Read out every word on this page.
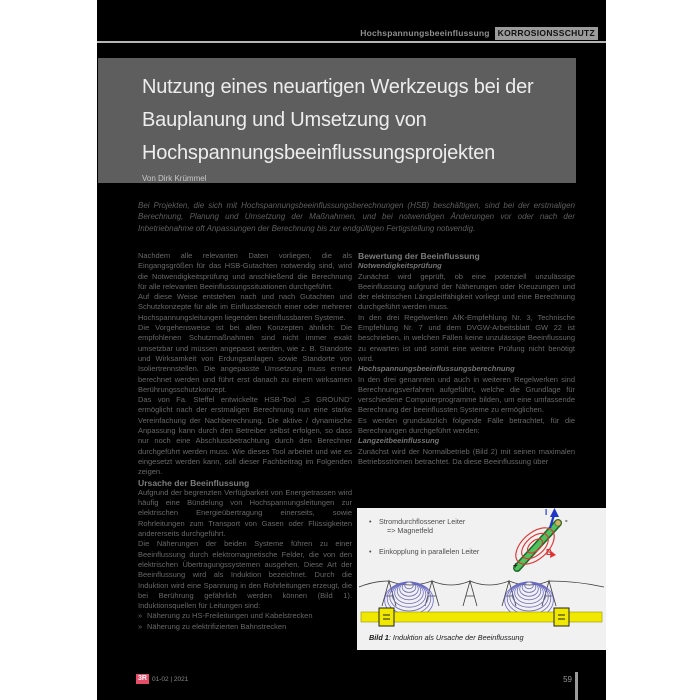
Hochspannungsbeeinflussung KORROSIONSSCHUTZ
Nutzung eines neuartigen Werkzeugs bei der Bauplanung und Umsetzung von Hochspannungsbeeinflussungsprojekten
Von Dirk Krümmel
Bei Projekten, die sich mit Hochspannungsbeeinflussungsberechnungen (HSB) beschäftigen, sind bei der erstmaligen Berechnung, Planung und Umsetzung der Maßnahmen, und bei notwendigen Änderungen vor oder nach der Inbetriebnahme oft Anpassungen der Berechnung bis zur endgültigen Fertigstellung notwendig.

Nachdem alle relevanten Daten vorliegen, die als Eingangsgrößen für das HSB-Gutachten notwendig sind, wird die Notwendigkeitsprüfung und anschließend die Berechnung für alle relevanten Beeinflussungssituationen durchgeführt.

Auf diese Weise entstehen nach und nach Gutachten und Schutzkonzepte für alle im Einflussbereich einer oder mehrerer Hochspannungsleitungen liegenden beeinflussbaren Systeme.

Die Vorgehensweise ist bei allen Konzepten ähnlich: Die empfohlenen Schutzmaßnahmen sind nicht immer exakt umsetzbar und müssen angepasst werden, wie z. B. Standorte und Wirksamkeit von Erdungsanlagen sowie Standorte von Isoliertrennstellen. Die angepasste Umsetzung muss erneut berechnet werden und führt erst danach zu einem wirksamen Berührungsschutzkonzept.

Das von Fa. Steffel entwickelte HSB-Tool „S GROUND“ ermöglicht nach der erstmaligen Berechnung nun eine starke Vereinfachung der Nachberechnung. Die aktive / dynamische Anpassung kann durch den Betreiber selbst erfolgen, so dass nur noch eine Abschlussbetrachtung durch den Berechner durchgeführt werden muss. Wie dieses Tool arbeitet und wie es eingesetzt werden kann, soll dieser Fachbeitrag im Folgenden zeigen.

Ursache der Beeinflussung

Aufgrund der begrenzten Verfügbarkeit von Energietrassen wird häufig eine Bündelung von Hochspannungsleitungen zur elektrischen Energieübertragung einerseits, sowie Rohrleitungen zum Transport von Gasen oder Flüssigkeiten andererseits durchgeführt.

Die Näherungen der beiden Systeme führen zu einer Beeinflussung durch elektromagnetische Felder, die von den elektrischen Übertragungssystemen ausgehen. Diese Art der Beeinflussung wird als Induktion bezeichnet. Durch die Induktion wird eine Spannung in den Rohrleitungen erzeugt, die bei Berührung gefährlich werden können (Bild 1). Induktionsquellen für Leitungen sind:

» Näherung zu HS-Freileitungen und Kabelstrecken
» Näherung zu elektrifizierten Bahnstrecken

Bewertung der Beeinflussung

Notwendigkeitsprüfung

Zunächst wird geprüft, ob eine potenziell unzulässige Beeinflussung aufgrund der Näherungen oder Kreuzungen und der elektrischen Längsleitfähigkeit vorliegt und eine Berechnung durchgeführt werden muss.

In den drei Regelwerken AfK-Empfehlung Nr. 3, Technische Empfehlung Nr. 7 und dem DVGW-Arbeitsblatt GW 22 ist beschrieben, in welchen Fällen keine unzulässige Beeinflussung zu erwarten ist und somit eine weitere Prüfung nicht benötigt wird.

Hochspannungsbeeinflussungsberechnung

In den drei genannten und auch in weiteren Regelwerken sind Berechnungsverfahren aufgeführt, welche die Grundlage für verschiedene Computerprogramme bilden, um eine umfassende Berechnung der beeinflussten Systeme zu ermöglichen.

Es werden grundsätzlich folgende Fälle betrachtet, für die Berechnungen durchgeführt werden:

Langzeitbeeinflussung

Zunächst wird der Normalbetrieb (Bild 2) mit seinen maximalen Betriebsströmen betrachtet. Da diese Beeinflussung über

•	Stromdurchflossener Leiter
=> Magnetfeld
•	Einkopplung in parallelen Leiter
I
B
+
-
Bild 1: Induktion als Ursache der Beeinflussung
3R 01-02 | 2021	59
